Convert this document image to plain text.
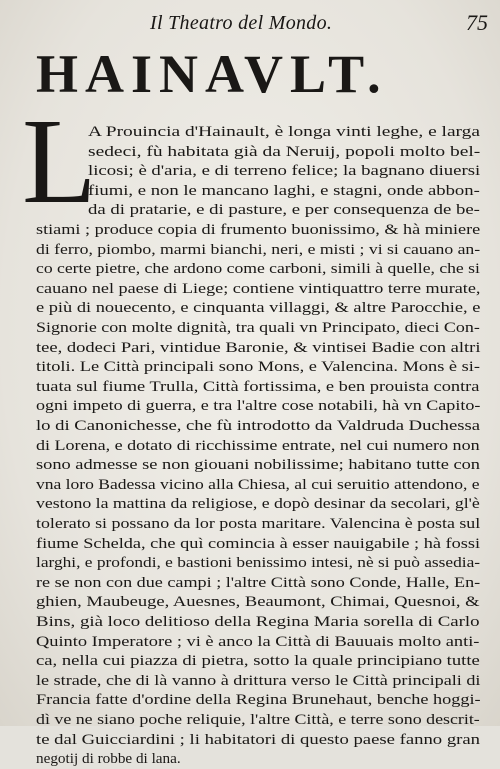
Il Theatro del Mondo.	75
HAINAVLT.
L
A Prouincia d'Hainault, è longa vinti leghe, e larga
sedeci, fù habitata già da Neruij, popoli molto bel-
licosi; è d'aria, e di terreno felice; la bagnano diuersi
fiumi, e non le mancano laghi, e stagni, onde abbon-
da di pratarie, e di pasture, e per consequenza de be-
stiami ; produce copia di frumento buonissimo, & hà miniere
di ferro, piombo, marmi bianchi, neri, e misti ; vi si cauano an-
co certe pietre, che ardono come carboni, simili à quelle, che si
cauano nel paese di Liege; contiene vintiquattro terre murate,
e più di nouecento, e cinquanta villaggi, & altre Parocchie, e
Signorie con molte dignità, tra quali vn Principato, dieci Con-
tee, dodeci Pari, vintidue Baronie, & vintisei Badie con altri
titoli. Le Città principali sono Mons, e Valencina. Mons è si-
tuata sul fiume Trulla, Città fortissima, e ben prouista contra
ogni impeto di guerra, e tra l'altre cose notabili, hà vn Capito-
lo di Canonichesse, che fù introdotto da Valdruda Duchessa
di Lorena, e dotato di ricchissime entrate, nel cui numero non
sono admesse se non giouani nobilissime; habitano tutte con
vna loro Badessa vicino alla Chiesa, al cui seruitio attendono, e
vestono la mattina da religiose, e dopò desinar da secolari, gl'è
tolerato si possano da lor posta maritare. Valencina è posta sul
fiume Schelda, che quì comincia à esser nauigabile ; hà fossi
larghi, e profondi, e bastioni benissimo intesi, nè si può assedia-
re se non con due campi ; l'altre Città sono Conde, Halle, En-
ghien, Maubeuge, Auesnes, Beaumont, Chimai, Quesnoi, &
Bins, già loco delitioso della Regina Maria sorella di Carlo
Quinto Imperatore ; vi è anco la Città di Bauuais molto anti-
ca, nella cui piazza di pietra, sotto la quale principiano tutte
le strade, che di là vanno à drittura verso le Città principali di
Francia fatte d'ordine della Regina Brunehaut, benche hoggi-
dì ve ne siano poche reliquie, l'altre Città, e terre sono descrit-
te dal Guicciardini ; li habitatori di questo paese fanno gran
negotij di robbe di lana.
